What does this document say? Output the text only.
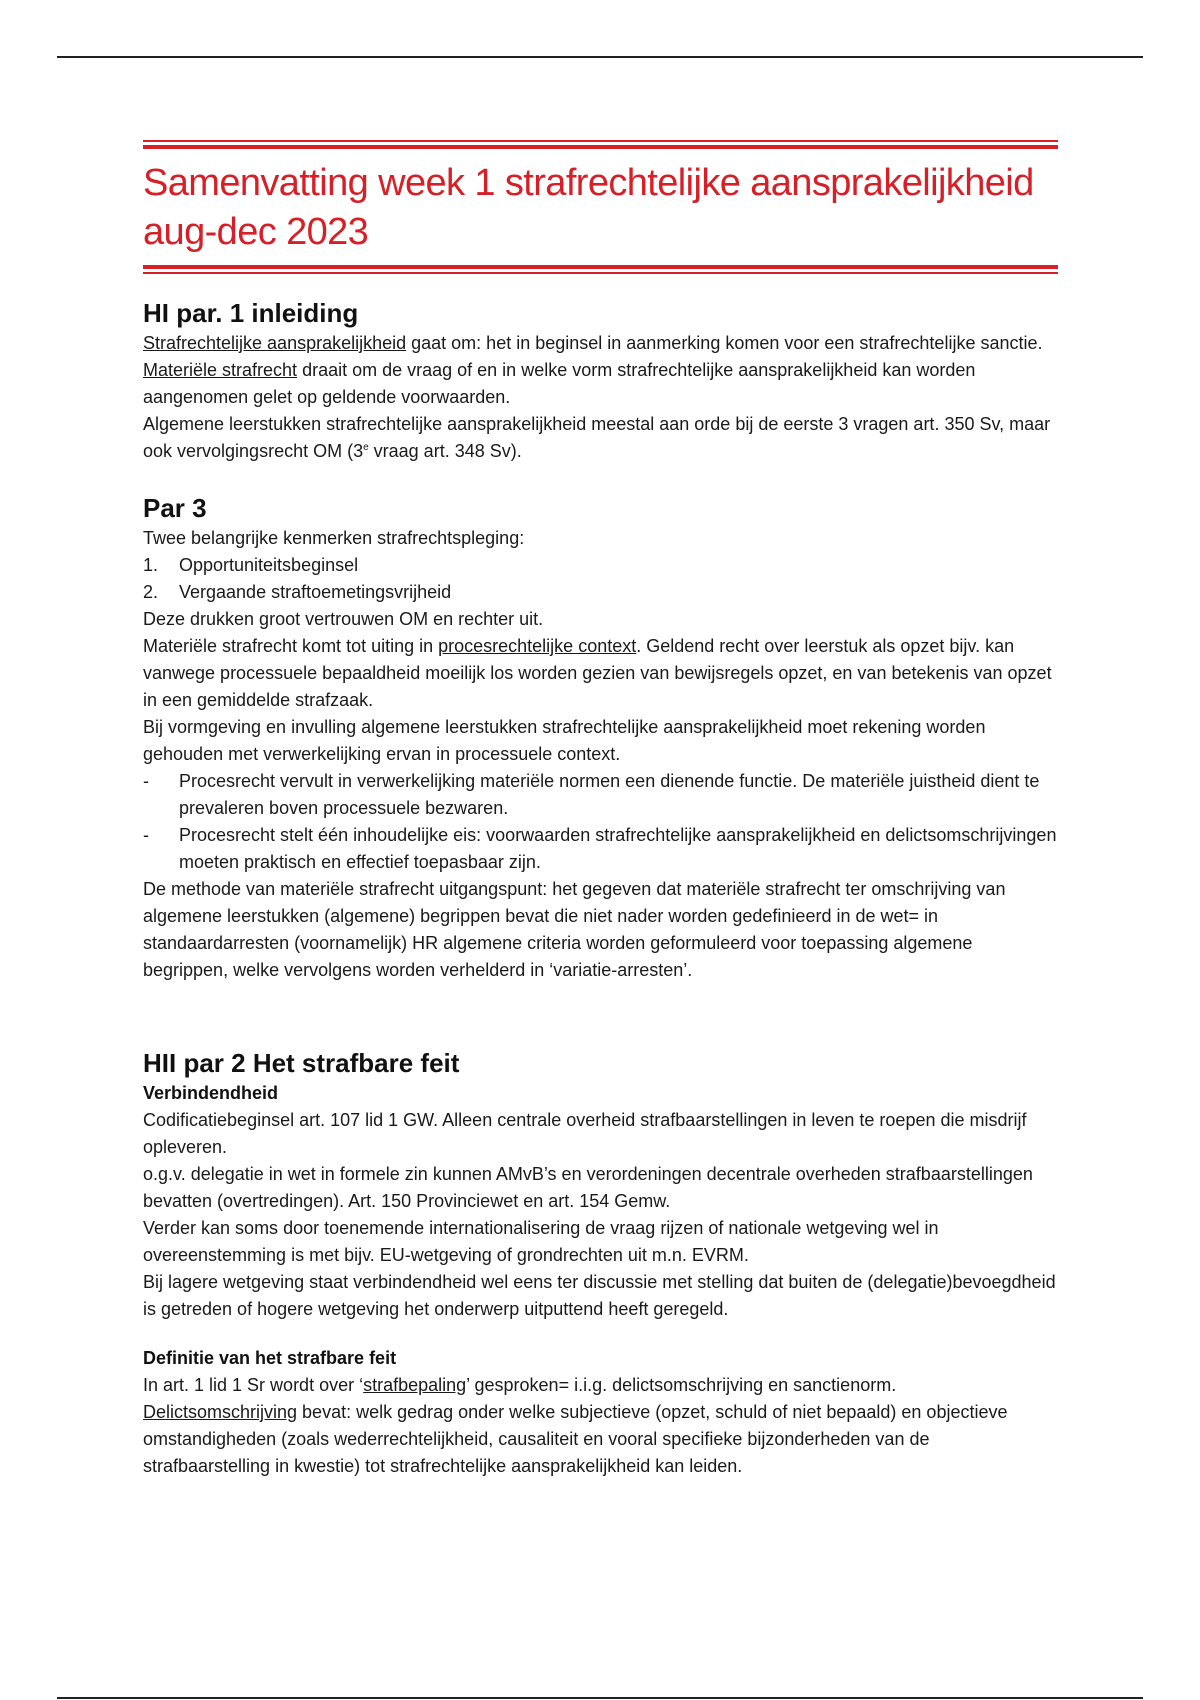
Samenvatting week 1 strafrechtelijke aansprakelijkheid
aug-dec 2023
HI par. 1 inleiding

Strafrechtelijke aansprakelijkheid gaat om: het in beginsel in aanmerking komen voor een strafrechtelijke sanctie.

Materiële strafrecht draait om de vraag of en in welke vorm strafrechtelijke aansprakelijkheid kan worden aangenomen gelet op geldende voorwaarden.

Algemene leerstukken strafrechtelijke aansprakelijkheid meestal aan orde bij de eerste 3 vragen art. 350 Sv, maar ook vervolgingsrecht OM (3e vraag art. 348 Sv).

Par 3

Twee belangrijke kenmerken strafrechtspleging:

1. Opportuniteitsbeginsel
2. Vergaande straftoemetingsvrijheid

Deze drukken groot vertrouwen OM en rechter uit.

Materiële strafrecht komt tot uiting in procesrechtelijke context. Geldend recht over leerstuk als opzet bijv. kan vanwege processuele bepaaldheid moeilijk los worden gezien van bewijsregels opzet, en van betekenis van opzet in een gemiddelde strafzaak.

Bij vormgeving en invulling algemene leerstukken strafrechtelijke aansprakelijkheid moet rekening worden gehouden met verwerkelijking ervan in processuele context.

- Procesrecht vervult in verwerkelijking materiële normen een dienende functie. De materiële juistheid dient te prevaleren boven processuele bezwaren.
- Procesrecht stelt één inhoudelijke eis: voorwaarden strafrechtelijke aansprakelijkheid en delictsomschrijvingen moeten praktisch en effectief toepasbaar zijn.

De methode van materiële strafrecht uitgangspunt: het gegeven dat materiële strafrecht ter omschrijving van algemene leerstukken (algemene) begrippen bevat die niet nader worden gedefinieerd in de wet= in standaardarresten (voornamelijk) HR algemene criteria worden geformuleerd voor toepassing algemene begrippen, welke vervolgens worden verhelderd in ‘variatie-arresten’.

HII par 2 Het strafbare feit
Verbindendheid

Codificatiebeginsel art. 107 lid 1 GW. Alleen centrale overheid strafbaarstellingen in leven te roepen die misdrijf opleveren.

o.g.v. delegatie in wet in formele zin kunnen AMvB’s en verordeningen decentrale overheden strafbaarstellingen bevatten (overtredingen). Art. 150 Provinciewet en art. 154 Gemw.

Verder kan soms door toenemende internationalisering de vraag rijzen of nationale wetgeving wel in overeenstemming is met bijv. EU-wetgeving of grondrechten uit m.n. EVRM.

Bij lagere wetgeving staat verbindendheid wel eens ter discussie met stelling dat buiten de (delegatie)bevoegdheid is getreden of hogere wetgeving het onderwerp uitputtend heeft geregeld.

Definitie van het strafbare feit

In art. 1 lid 1 Sr wordt over ‘strafbepaling’ gesproken= i.i.g. delictsomschrijving en sanctienorm.

Delictsomschrijving bevat: welk gedrag onder welke subjectieve (opzet, schuld of niet bepaald) en objectieve omstandigheden (zoals wederrechtelijkheid, causaliteit en vooral specifieke bijzonderheden van de strafbaarstelling in kwestie) tot strafrechtelijke aansprakelijkheid kan leiden.
